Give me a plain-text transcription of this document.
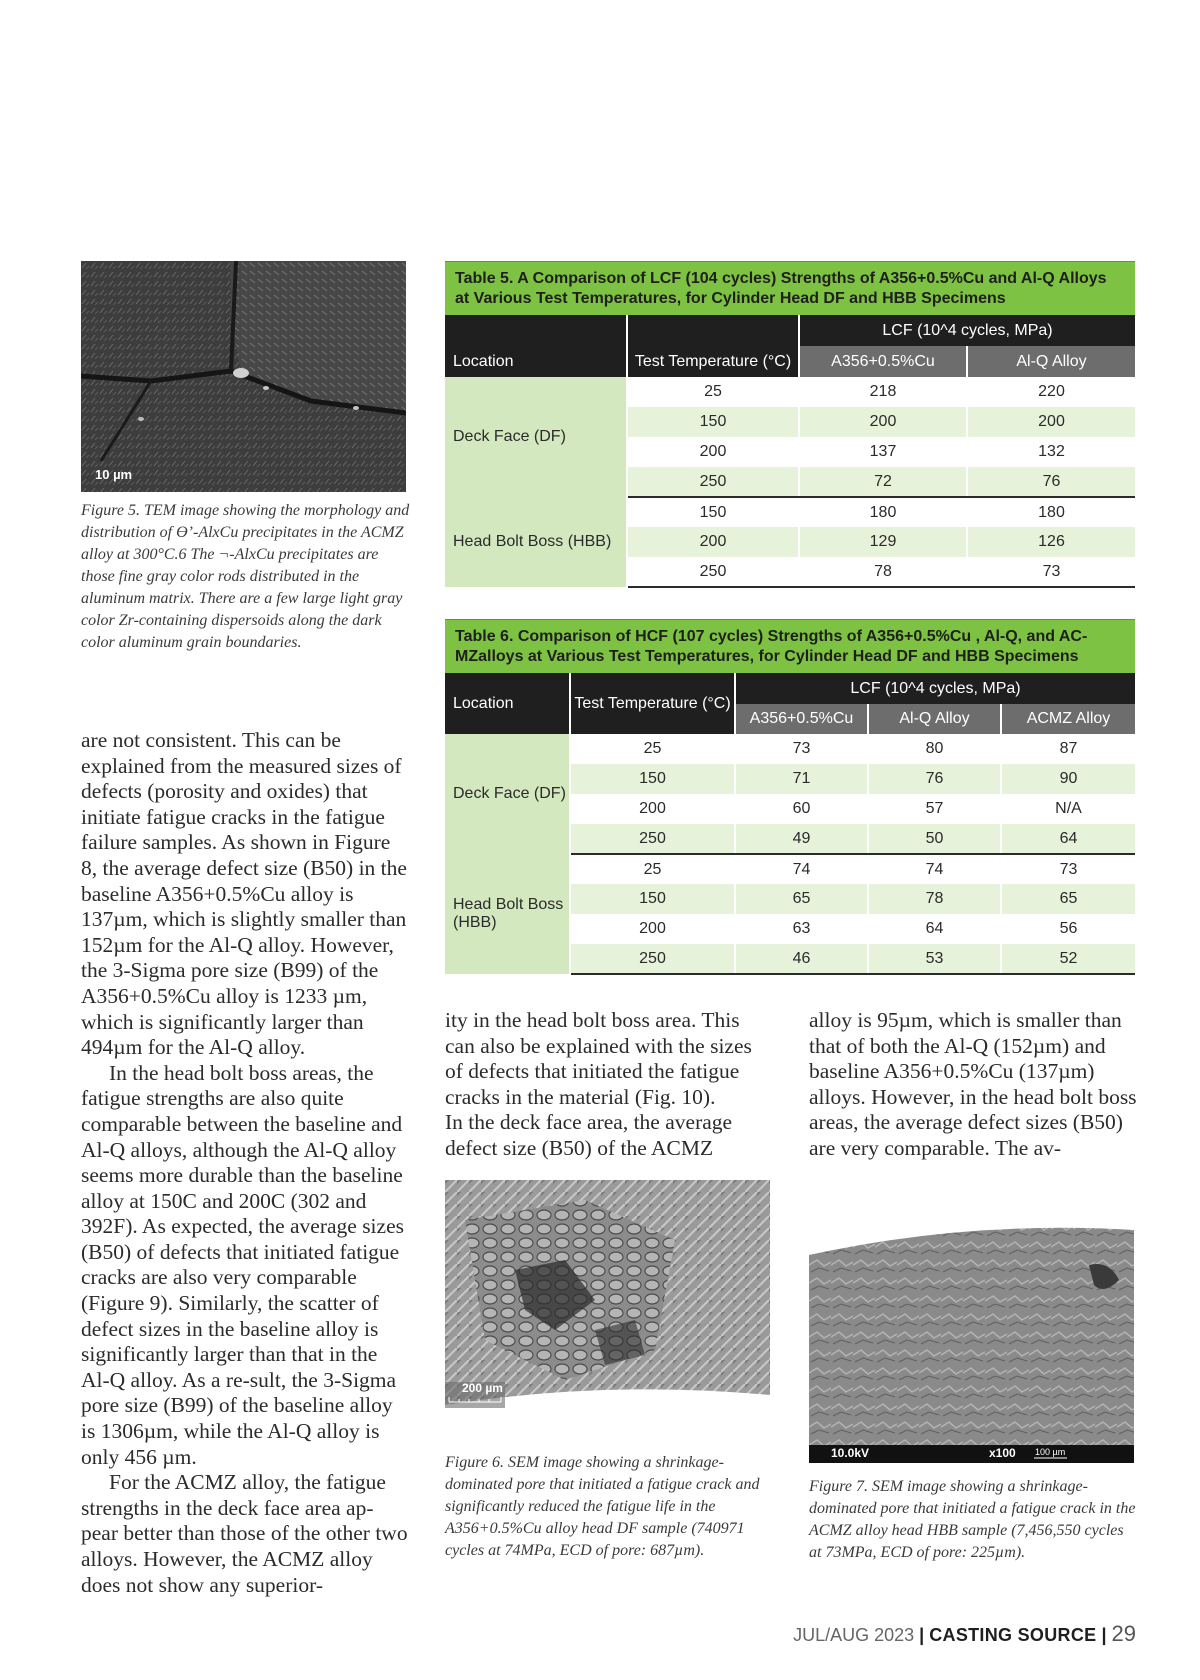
10 µm

Figure 5. TEM image showing the morphology and distribution of Ɵ’-AlxCu precipitates in the ACMZ alloy at 300°C.6 The ¬-AlxCu precipitates are those fine gray color rods distributed in the aluminum matrix. There are a few large light gray color Zr-containing dispersoids along the dark color aluminum grain boundaries.

Table 5. A Comparison of LCF (104 cycles) Strengths of A356+0.5%Cu and Al-Q Alloys at Various Test Temperatures, for Cylinder Head DF and HBB Specimens
Location	Test Temperature (°C)	LCF (10^4 cycles, MPa)	
		A356+0.5%Cu	Al-Q Alloy
Deck Face (DF)	25	218	220
	150	200	200
	200	137	132
	250	72	76
Head Bolt Boss (HBB)	150	180	180
	200	129	126
	250	78	73
Table 6. Comparison of HCF (107 cycles) Strengths of A356+0.5%Cu , Al-Q, and AC-MZalloys at Various Test Temperatures, for Cylinder Head DF and HBB Specimens
Location	Test Temperature (°C)	LCF (10^4 cycles, MPa)		
		A356+0.5%Cu	Al-Q Alloy	ACMZ Alloy
Deck Face (DF)	25	73	80	87
	150	71	76	90
	200	60	57	N/A
	250	49	50	64
Head Bolt Boss (HBB)	25	74	74	73
	150	65	78	65
	200	63	64	56
	250	46	53	52

are not consistent. This can be explained from the measured sizes of defects (porosity and oxides) that initiate fatigue cracks in the fatigue failure samples. As shown in Figure 8, the average defect size (B50) in the baseline A356+0.5%Cu alloy is 137µm, which is slightly smaller than 152µm for the Al-Q alloy. However, the 3-Sigma pore size (B99) of the A356+0.5%Cu alloy is 1233 µm, which is significantly larger than 494µm for the Al-Q alloy.

In the head bolt boss areas, the fatigue strengths are also quite comparable between the baseline and Al-Q alloys, although the Al-Q alloy seems more durable than the baseline alloy at 150C and 200C (302 and 392F). As expected, the average sizes (B50) of defects that initiated fatigue cracks are also very comparable (Figure 9). Similarly, the scatter of defect sizes in the baseline alloy is significantly larger than that in the Al-Q alloy. As a re-sult, the 3-Sigma pore size (B99) of the baseline alloy is 1306µm, while the Al-Q alloy is only 456 µm.

For the ACMZ alloy, the fatigue strengths in the deck face area ap-pear better than those of the other two alloys. However, the ACMZ alloy does not show any superior-

ity in the head bolt boss area. This can also be explained with the sizes of defects that initiated the fatigue cracks in the material (Fig. 10).

In the deck face area, the average defect size (B50) of the ACMZ

alloy is 95µm, which is smaller than that of both the Al-Q (152µm) and baseline A356+0.5%Cu (137µm) alloys. However, in the head bolt boss areas, the average defect sizes (B50) are very comparable. The av-

200 µm

Figure 6. SEM image showing a shrinkage-dominated pore that initiated a fatigue crack and significantly reduced the fatigue life in the A356+0.5%Cu alloy head DF sample (740971 cycles at 74MPa, ECD of pore: 687µm).

10.0kV	x100 100 µm

Figure 7. SEM image showing a shrinkage-dominated pore that initiated a fatigue crack in the ACMZ alloy head HBB sample (7,456,550 cycles at 73MPa, ECD of pore: 225µm).

JUL/AUG 2023 | CASTING SOURCE | 29
